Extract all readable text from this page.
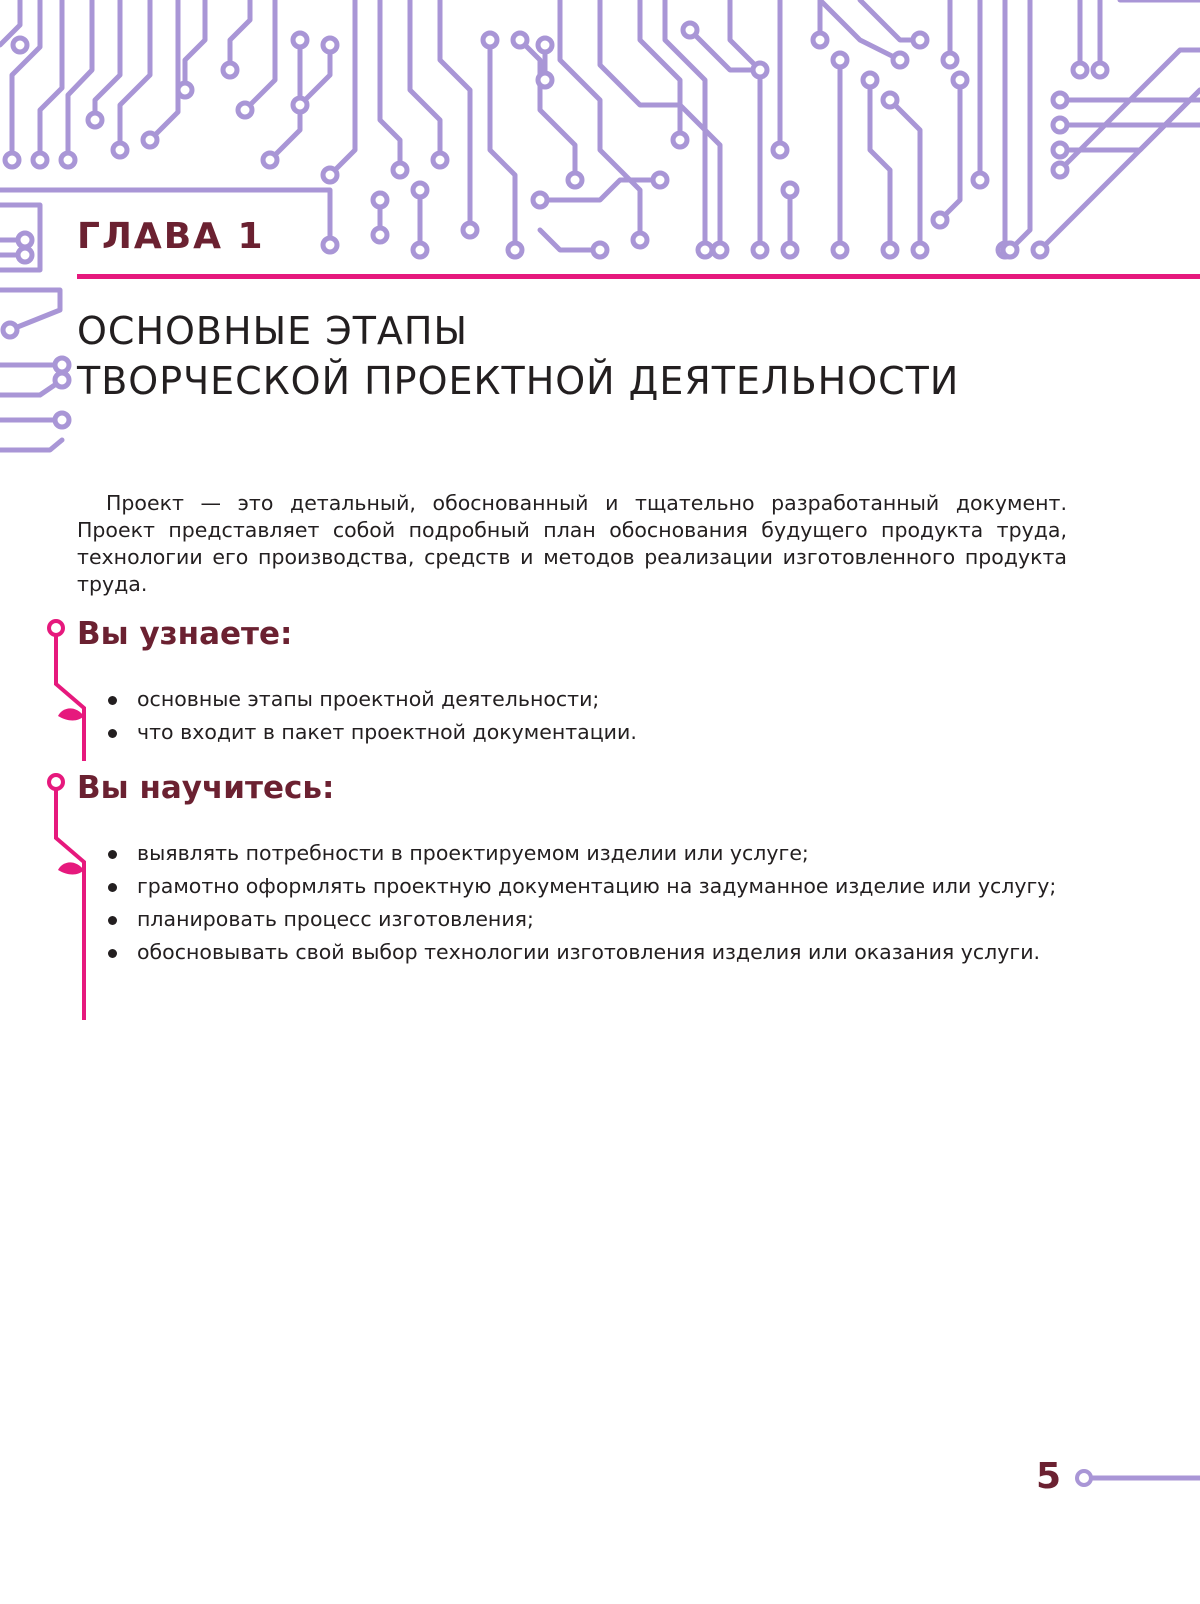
ГЛАВА 1
ОСНОВНЫЕ ЭТАПЫ
ТВОРЧЕСКОЙ ПРОЕКТНОЙ ДЕЯТЕЛЬНОСТИ

Проект — это детальный, обоснованный и тщательно разработанный документ. Проект представляет собой подробный план обоснования будущего продукта труда, технологии его производства, средств и методов реализации изготовленного продукта труда.

Вы узнаете:
основные этапы проектной деятельности;
что входит в пакет проектной документации.
Вы научитесь:
выявлять потребности в проектируемом изделии или услуге;
грамотно оформлять проектную документацию на задуманное изделие или услугу;
планировать процесс изготовления;
обосновывать свой выбор технологии изготовления изделия или оказания услуги.
5
